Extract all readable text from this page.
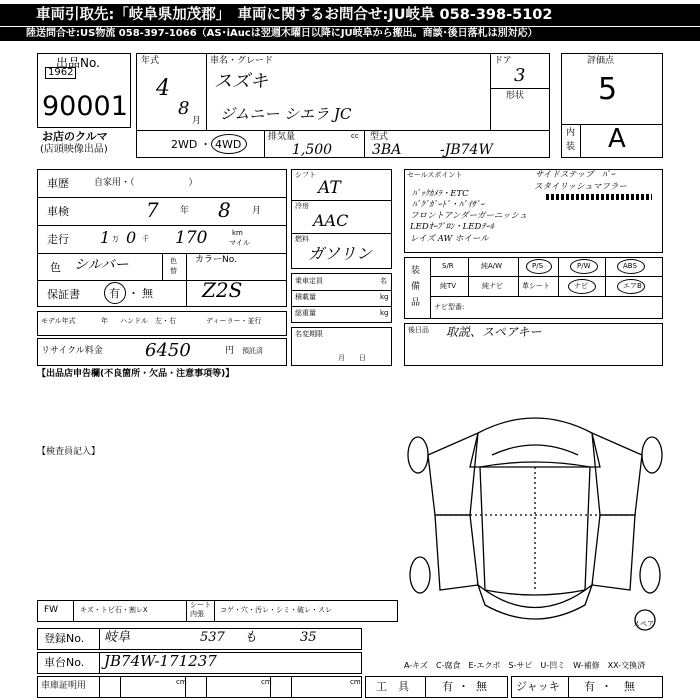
車両引取先:「岐阜県加茂郡」　車両に関するお問合せ:JU岐阜 058-398-5102
陸送問合せ:US物流 058-397-1066（AS･iAucは翌週木曜日以降にJU岐阜から搬出。商談･後日落札は別対応）
出品No.
1962
90001
お店のクルマ
(店頭映像出品)
年式
4
8
月
車名・グレード
スズキ
ジムニー シエラ JC
ドア
3
形状
2WD ・ 4WD
排気量	cc
1,500
型式
3BA	-JB74W
評価点
5
内
装 A
車歴	自家用・（　　　　　　）
車検	7 年 8 月
走行 1 万 0 千 170	km
マイル
色 シルバー	色
替
カラーNo.
保証書	有 ・ 無 Z2S
モデル年式	年 ハンドル　左・右	ディーラー・並行
リサイクル料金 6450	円 預託済
シフト
AT
冷房
AAC
燃料
ガソリン
乗車定員	名
積載量	kg
総重量	kg
名変期限
月　　日
セールスポイント	サイドステップ　ﾊﾟｰ
ﾊﾞｯｸｶﾒﾗ・ETC
ﾊﾞｸﾞｶﾞｰﾄﾞ・ﾊﾞｲｻﾞｰ
フロントアンダーガーニッシュ
LEDｵｰﾌﾟﾛﾝ・LEDﾃｰﾙ
レイズ AW ホイール
スタイリッシュマフラー
装
備
品
S/R	純A/W	P/S	P/W	ABS
純TV	純ナビ	革シート	ナビ	エアB
ナビ型番:
後日品 取説、スペアキー
【出品店申告欄(不良箇所・欠品・注意事項等)】
【検査員記入】
スペア
FW	キズ・トビ石・割レX
シート
内張 コゲ・穴・汚レ・シミ・破レ・スレ
登録No. 岐阜	537 も	35
車台No. JB74W-171237	A-キズ　C-腐食　E-エクボ　S-サビ　U-凹ミ　W-補修　XX-交換済
車庫証明用	cm	cm	cm 工　具	有 ・ 無	ジャッキ 有 ・ 無
